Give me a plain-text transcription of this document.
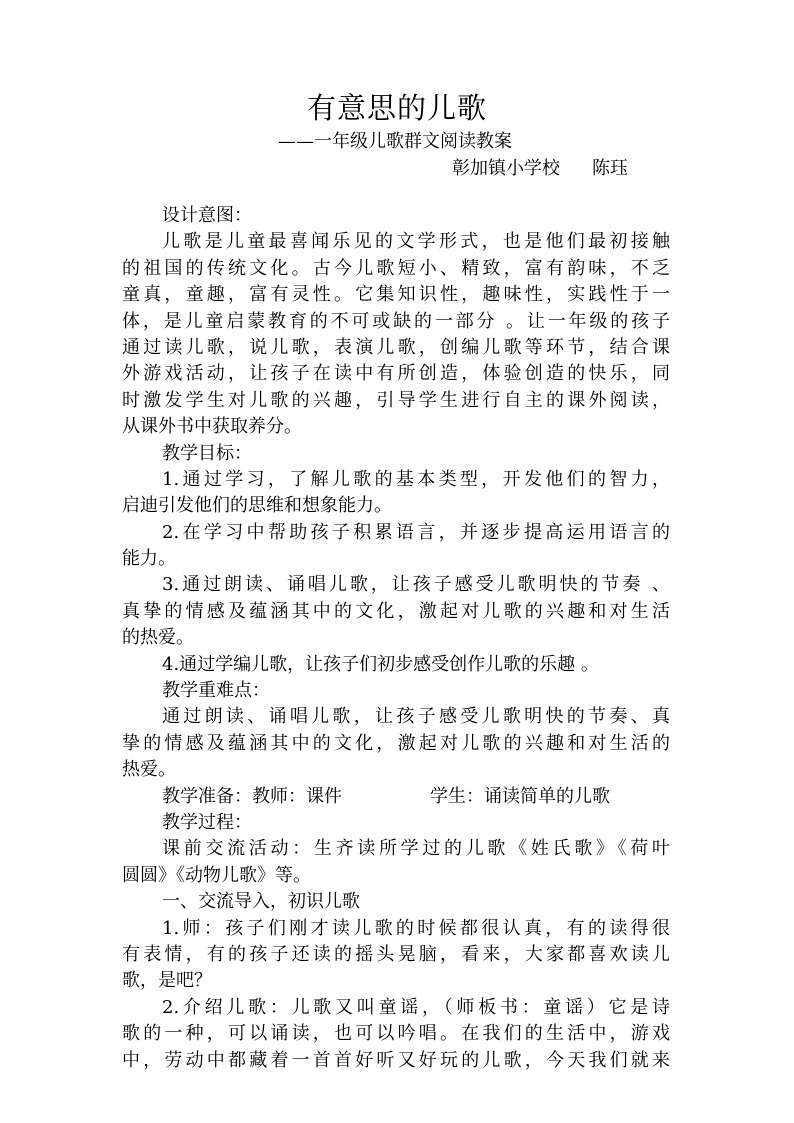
有意思的儿歌
——一年级儿歌群文阅读教案
彰加镇小学校 陈珏
设计意图：
儿歌是儿童最喜闻乐见的文学形式，也是他们最初接触
的祖国的传统文化。古今儿歌短小、精致，富有韵味，不乏
童真，童趣，富有灵性。它集知识性，趣味性，实践性于一
体，是儿童启蒙教育的不可或缺的一部分 。让一年级的孩子
通过读儿歌，说儿歌，表演儿歌，创编儿歌等环节，结合课
外游戏活动，让孩子在读中有所创造，体验创造的快乐，同
时激发学生对儿歌的兴趣，引导学生进行自主的课外阅读，
从课外书中获取养分。
教学目标：
1.通过学习，了解儿歌的基本类型，开发他们的智力，
启迪引发他们的思维和想象能力。
2.在学习中帮助孩子积累语言，并逐步提高运用语言的
能力。
3.通过朗读、诵唱儿歌，让孩子感受儿歌明快的节奏 、
真挚的情感及蕴涵其中的文化，激起对儿歌的兴趣和对生活
的热爱。
4.通过学编儿歌，让孩子们初步感受创作儿歌的乐趣 。
教学重难点：
通过朗读、诵唱儿歌，让孩子感受儿歌明快的节奏、真
挚的情感及蕴涵其中的文化，激起对儿歌的兴趣和对生活的
热爱。
教学准备：教师：课件	学生：诵读简单的儿歌
教学过程：
课前交流活动：生齐读所学过的儿歌《姓氏歌》《荷叶
圆圆》《动物儿歌》等。
一、交流导入，初识儿歌
1.师：孩子们刚才读儿歌的时候都很认真，有的读得很
有表情，有的孩子还读的摇头晃脑，看来，大家都喜欢读儿
歌，是吧？
2.介绍儿歌：儿歌又叫童谣，（师板书：童谣）它是诗
歌的一种，可以诵读，也可以吟唱。在我们的生活中，游戏
中，劳动中都藏着一首首好听又好玩的儿歌，今天我们就来
